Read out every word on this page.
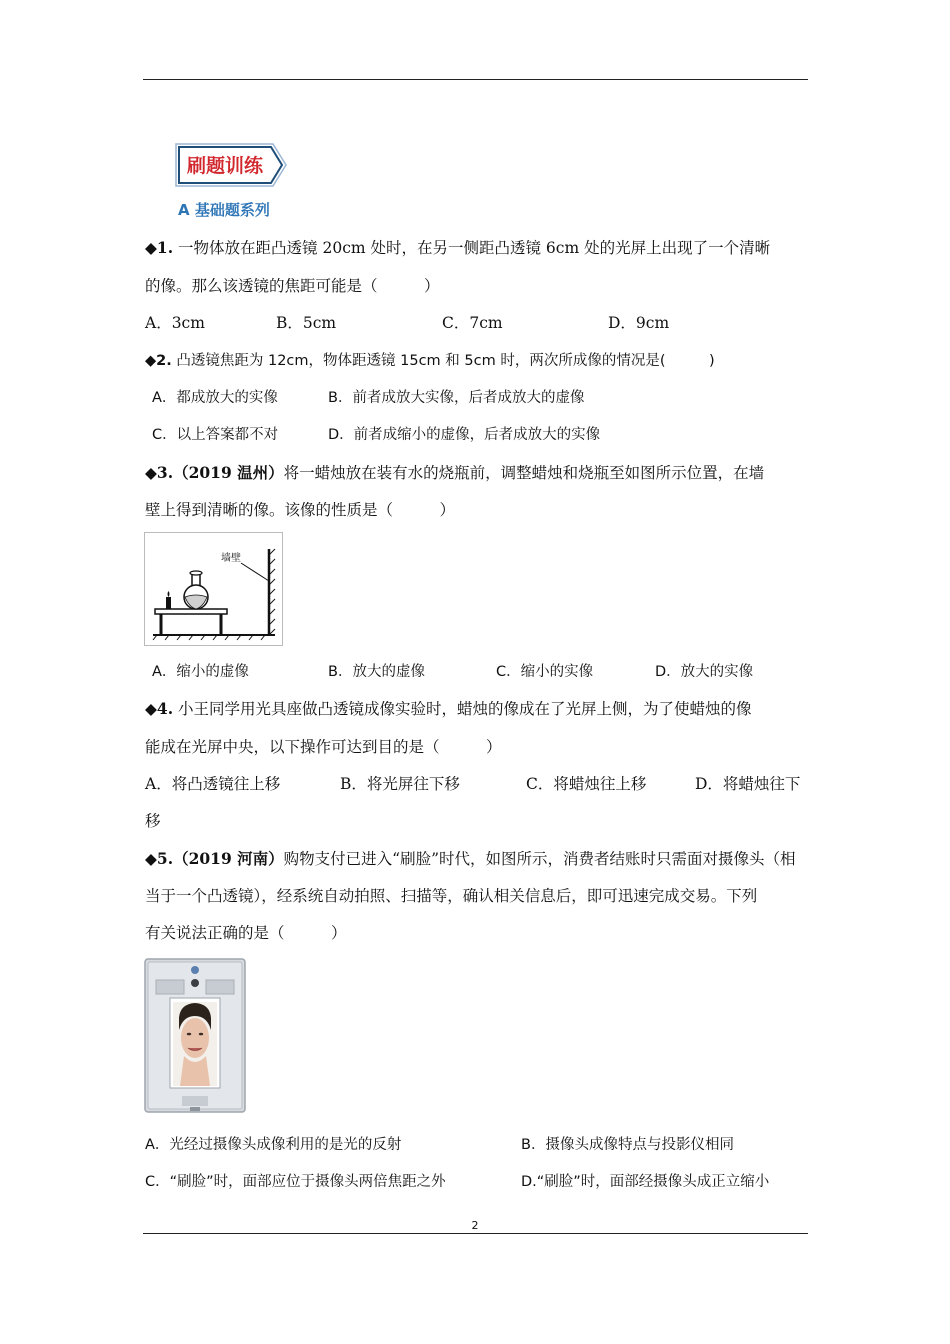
刷题训练
A 基础题系列
◆1. 一物体放在距凸透镜 20cm 处时，在另一侧距凸透镜 6cm 处的光屏上出现了一个清晰
的像。那么该透镜的焦距可能是（　　　）
A．3cm	B．5cm	C．7cm	D．9cm
◆2. 凸透镜焦距为 12cm，物体距透镜 15cm 和 5cm 时，两次所成像的情况是(　　　)
A．都成放大的实像	B．前者成放大实像，后者成放大的虚像
C．以上答案都不对	D．前者成缩小的虚像，后者成放大的实像
◆3.（2019 温州）将一蜡烛放在装有水的烧瓶前，调整蜡烛和烧瓶至如图所示位置，在墙
壁上得到清晰的像。该像的性质是（　　　）
墙壁
A．缩小的虚像	B．放大的虚像	C．缩小的实像	D．放大的实像
◆4. 小王同学用光具座做凸透镜成像实验时，蜡烛的像成在了光屏上侧，为了使蜡烛的像
能成在光屏中央，以下操作可达到目的是（　　　）
A．将凸透镜往上移	B．将光屏往下移	C．将蜡烛往上移	D．将蜡烛往下
移
◆5.（2019 河南）购物支付已进入“刷脸”时代，如图所示，消费者结账时只需面对摄像头（相
当于一个凸透镜），经系统自动拍照、扫描等，确认相关信息后，即可迅速完成交易。下列
有关说法正确的是（　　　）
A．光经过摄像头成像利用的是光的反射	B．摄像头成像特点与投影仪相同
C．“刷脸”时，面部应位于摄像头两倍焦距之外	D.“刷脸”时，面部经摄像头成正立缩小
2
